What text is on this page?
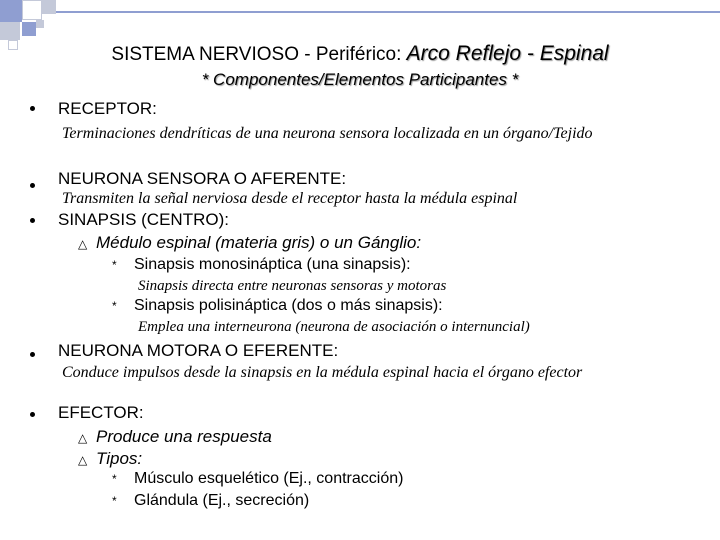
SISTEMA NERVIOSO - Periférico: Arco Reflejo - Espinal
* Componentes/Elementos Participantes *
RECEPTOR:
Terminaciones dendríticas de una neurona sensora localizada en un órgano/Tejido
NEURONA SENSORA O AFERENTE:
Transmiten la señal nerviosa desde el receptor hasta la médula espinal
SINAPSIS (CENTRO):
△ Médulo espinal (materia gris) o un Gánglio:
* Sinapsis monosináptica (una sinapsis):
Sinapsis directa entre neuronas sensoras y motoras
* Sinapsis polisináptica (dos o más sinapsis):
Emplea una interneurona (neurona de asociación o internuncial)
NEURONA MOTORA O EFERENTE:
Conduce impulsos desde la sinapsis en la médula espinal hacia el órgano efector
EFECTOR:
△ Produce una respuesta
△ Tipos:
* Músculo esquelético (Ej., contracción)
* Glándula (Ej., secreción)
